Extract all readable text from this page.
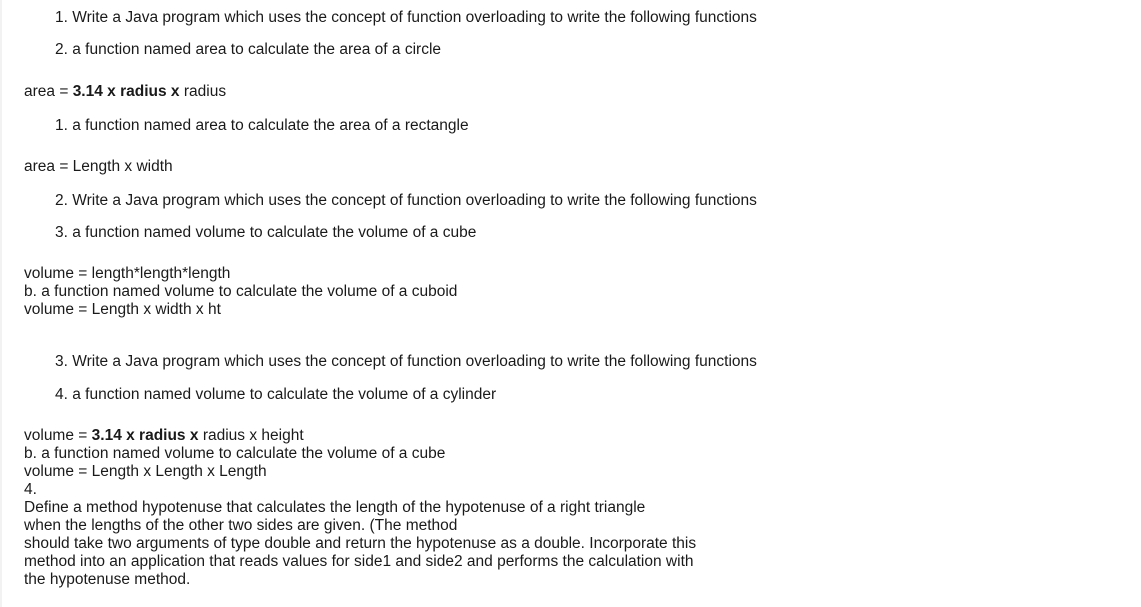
1. Write a Java program which uses the concept of function overloading to write the following functions
2. a function named area to calculate the area of a circle
area = 3.14 x radius x radius
1. a function named area to calculate the area of a rectangle
area = Length x width
2. Write a Java program which uses the concept of function overloading to write the following functions
3. a function named volume to calculate the volume of a cube
volume = length*length*length
b. a function named volume to calculate the volume of a cuboid
volume = Length x width x ht
3. Write a Java program which uses the concept of function overloading to write the following functions
4. a function named volume to calculate the volume of a cylinder
volume = 3.14 x radius x radius x height
b. a function named volume to calculate the volume of a cube
volume = Length x Length x Length
4.
Define a method hypotenuse that calculates the length of the hypotenuse of a right triangle
when the lengths of the other two sides are given. (The method
should take two arguments of type double and return the hypotenuse as a double. Incorporate this
method into an application that reads values for side1 and side2 and performs the calculation with
the hypotenuse method.
